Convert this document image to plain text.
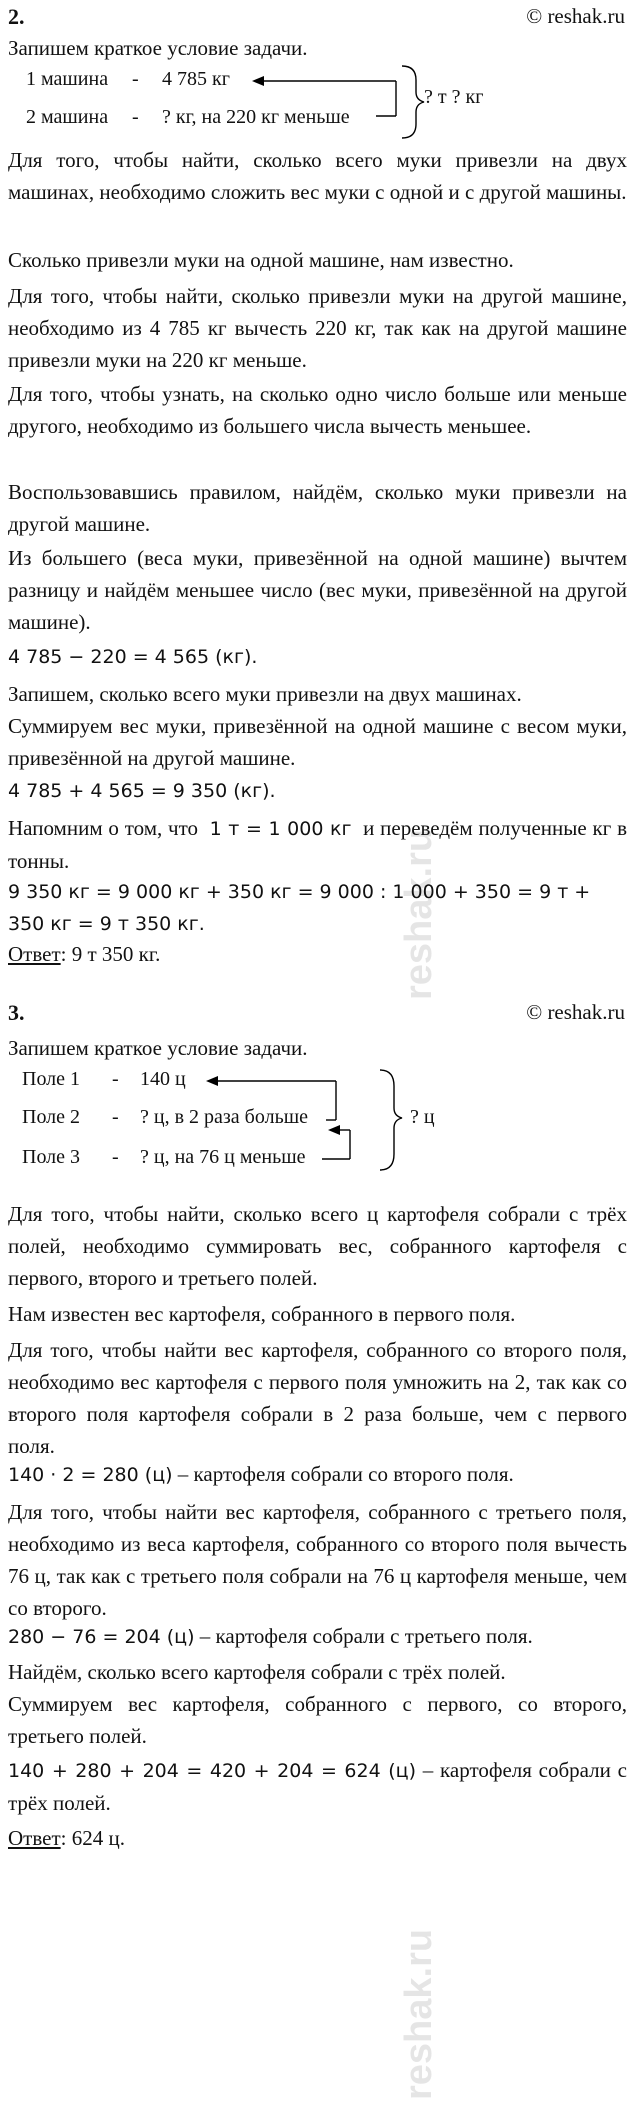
reshak.ru
reshak.ru
2.	© reshak.ru
Запишем краткое условие задачи.
1 машина - 4 785 кг
2 машина - ? кг, на 220 кг меньше
? т ? кг
Для того, чтобы найти, сколько всего муки привезли на двух машинах, необходимо сложить вес муки с одной и с другой машины.
Сколько привезли муки на одной машине, нам известно.
Для того, чтобы найти, сколько привезли муки на другой машине, необходимо из 4 785 кг вычесть 220 кг, так как на другой машине привезли муки на 220 кг меньше.
Для того, чтобы узнать, на сколько одно число больше или меньше другого, необходимо из большего числа вычесть меньшее.
Воспользовавшись правилом, найдём, сколько муки привезли на другой машине.
Из большего (веса муки, привезённой на одной машине) вычтем разницу и найдём меньшее число (вес муки, привезённой на другой машине).
4 785 − 220 = 4 565 (кг).
Запишем, сколько всего муки привезли на двух машинах.
Суммируем вес муки, привезённой на одной машине с весом муки, привезённой на другой машине.
4 785 + 4 565 = 9 350 (кг).
Напомним о том, что 1 т = 1 000 кг и переведём полученные кг в тонны.
9 350 кг = 9 000 кг + 350 кг = 9 000 : 1 000 + 350 = 9 т + 350 кг = 9 т 350 кг.
Ответ: 9 т 350 кг.
3.	© reshak.ru
Запишем краткое условие задачи.
Поле 1 - 140 ц
Поле 2 - ? ц, в 2 раза больше
Поле 3 - ? ц, на 76 ц меньше
? ц
Для того, чтобы найти, сколько всего ц картофеля собрали с трёх полей, необходимо суммировать вес, собранного картофеля с первого, второго и третьего полей.
Нам известен вес картофеля, собранного в первого поля.
Для того, чтобы найти вес картофеля, собранного со второго поля, необходимо вес картофеля с первого поля умножить на 2, так как со второго поля картофеля собрали в 2 раза больше, чем с первого поля.
140 · 2 = 280 (ц) – картофеля собрали со второго поля.
Для того, чтобы найти вес картофеля, собранного с третьего поля, необходимо из веса картофеля, собранного со второго поля вычесть 76 ц, так как с третьего поля собрали на 76 ц картофеля меньше, чем со второго.
280 − 76 = 204 (ц) – картофеля собрали с третьего поля.
Найдём, сколько всего картофеля собрали с трёх полей.
Суммируем вес картофеля, собранного с первого, со второго, третьего полей.
140 + 280 + 204 = 420 + 204 = 624 (ц) – картофеля собрали с трёх полей.
Ответ: 624 ц.
